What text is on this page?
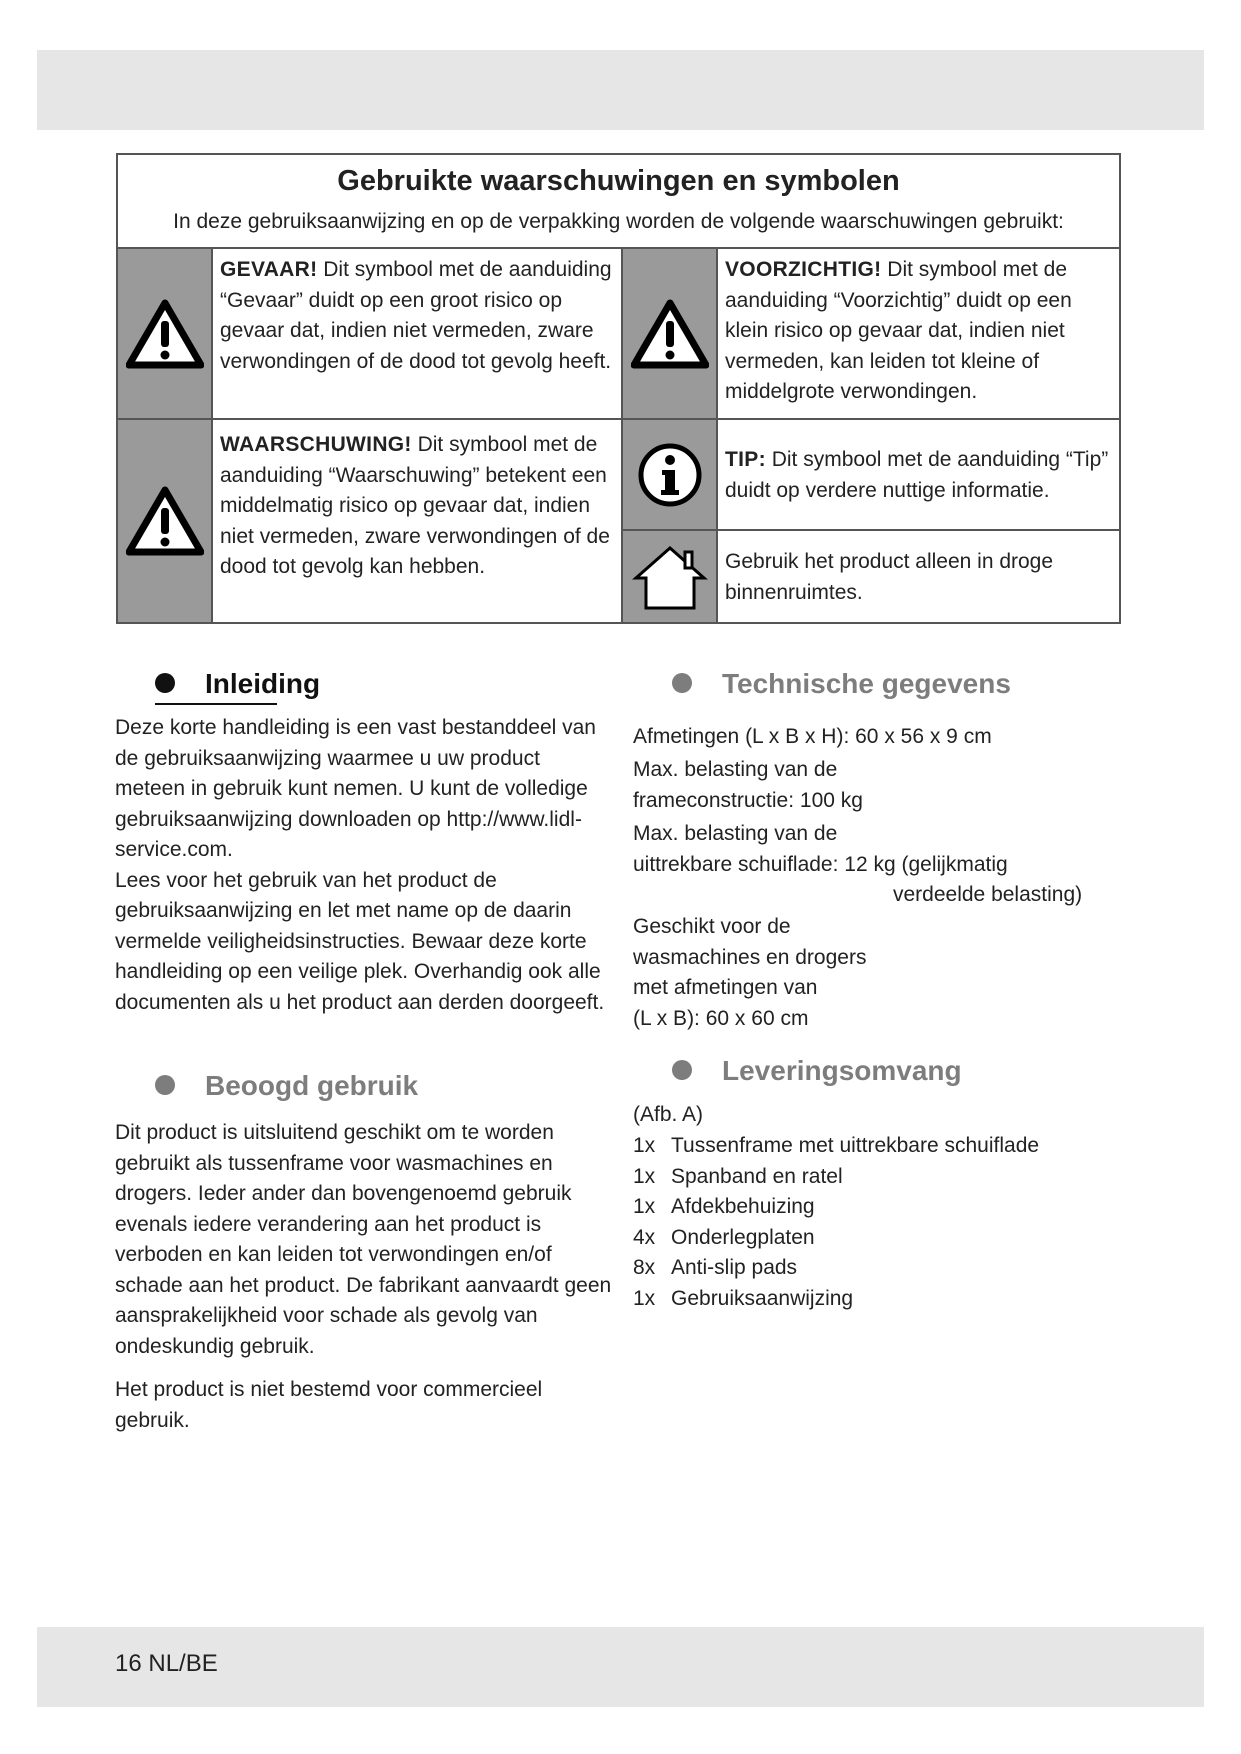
Gebruikte waarschuwingen en symbolen
In deze gebruiksaanwijzing en op de verpakking worden de volgende waarschuwingen gebruikt:
GEVAAR! Dit symbool met de aanduiding “Gevaar” duidt op een groot risico op gevaar dat, indien niet vermeden, zware verwondingen of de dood tot gevolg heeft.
VOORZICHTIG! Dit symbool met de aanduiding “Voorzichtig” duidt op een klein risico op gevaar dat, indien niet vermeden, kan leiden tot kleine of middelgrote verwondingen.
WAARSCHUWING! Dit symbool met de aanduiding “Waarschuwing” betekent een middelmatig risico op gevaar dat, indien niet vermeden, zware verwondingen of de dood tot gevolg kan hebben.
TIP: Dit symbool met de aanduiding “Tip” duidt op verdere nuttige informatie.
Gebruik het product alleen in droge binnenruimtes.
Inleiding

Deze korte handleiding is een vast bestanddeel van de gebruiksaanwijzing waarmee u uw product meteen in gebruik kunt nemen. U kunt de volledige gebruiksaanwijzing downloaden op http://www.lidl-service.com.
Lees voor het gebruik van het product de gebruiksaanwijzing en let met name op de daarin vermelde veiligheidsinstructies. Bewaar deze korte handleiding op een veilige plek. Overhandig ook alle documenten als u het product aan derden doorgeeft.

Beoogd gebruik

Dit product is uitsluitend geschikt om te worden gebruikt als tussenframe voor wasmachines en drogers. Ieder ander dan bovengenoemd gebruik evenals iedere verandering aan het product is verboden en kan leiden tot verwondingen en/of schade aan het product. De fabrikant aanvaardt geen aansprakelijkheid voor schade als gevolg van ondeskundig gebruik.

Het product is niet bestemd voor commercieel gebruik.

Technische gegevens
Afmetingen (L x B x H): 60 x 56 x 9 cm
Max. belasting van de
frameconstructie: 100 kg
Max. belasting van de
uittrekbare schuiflade: 12 kg (gelijkmatig
verdeelde belasting)
Geschikt voor de
wasmachines en drogers
met afmetingen van
(L x B): 60 x 60 cm
Leveringsomvang
(Afb. A)
1x Tussenframe met uittrekbare schuiflade
1x Spanband en ratel
1x Afdekbehuizing
4x Onderlegplaten
8x Anti-slip pads
1x Gebruiksaanwijzing
16 NL/BE
